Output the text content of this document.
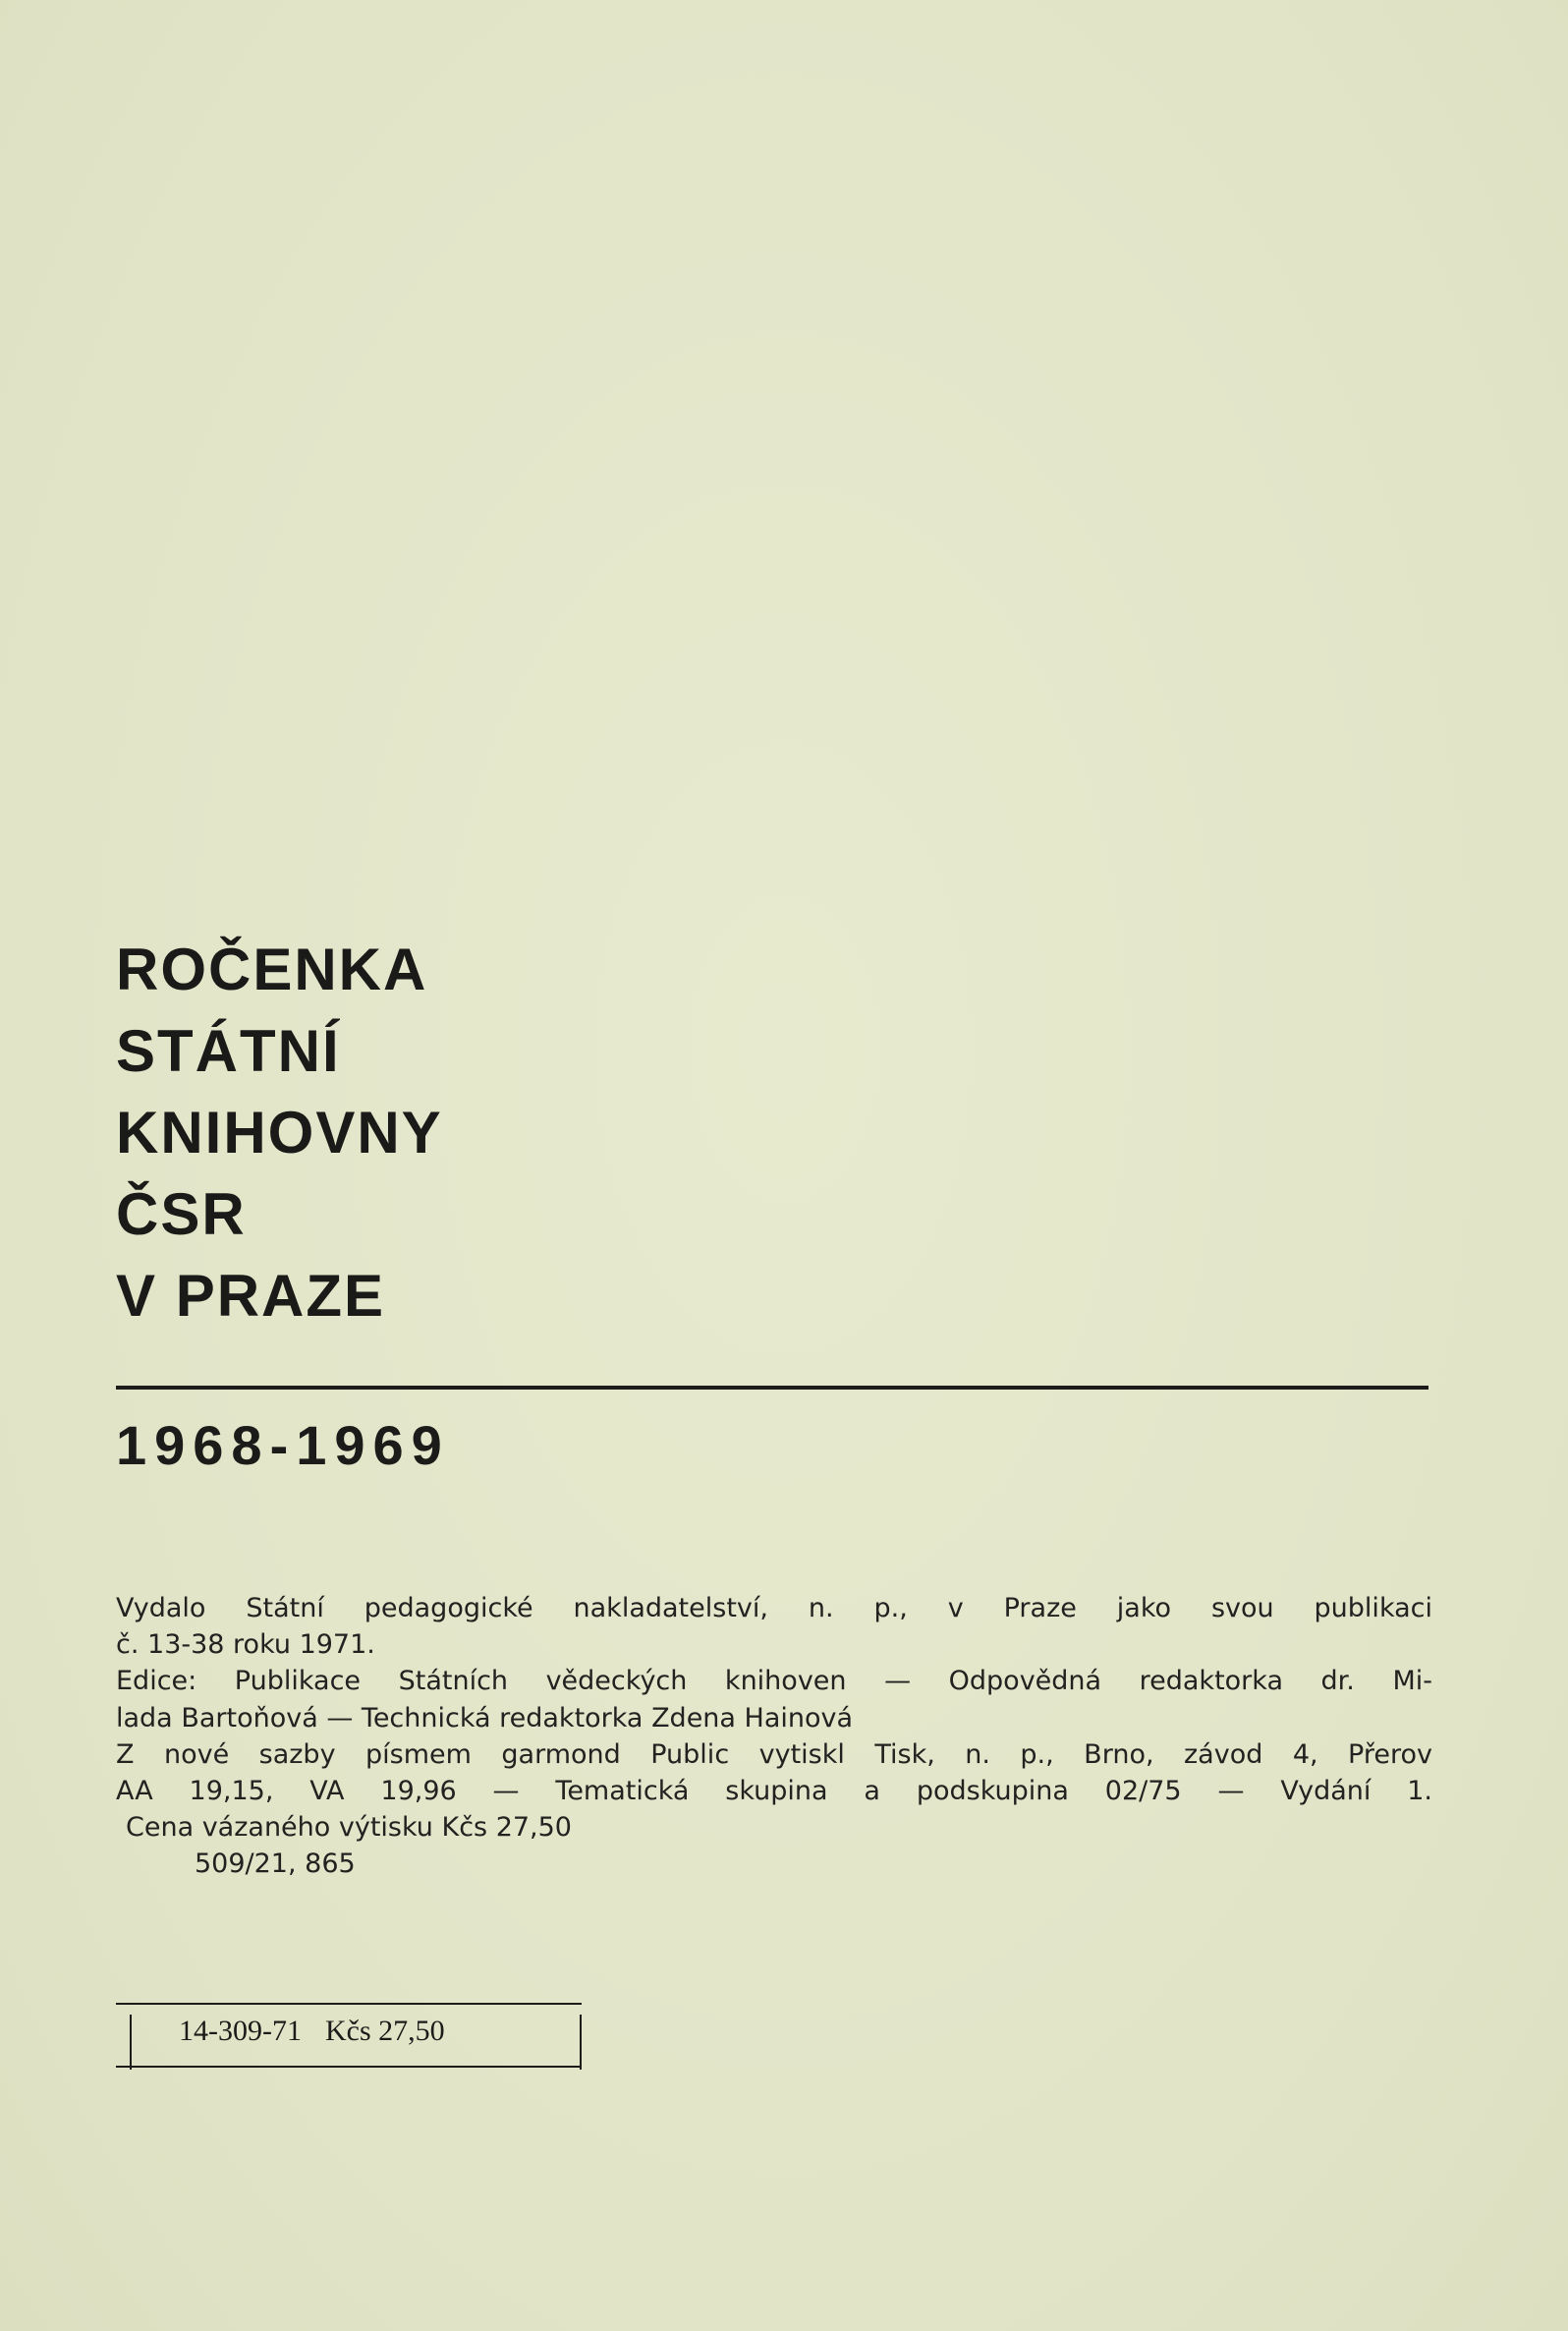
ROČENKA
STÁTNÍ
KNIHOVNY
ČSR
V PRAZE
1968-1969
Vydalo Státní pedagogické nakladatelství, n. p., v Praze jako svou publikaci
č. 13-38 roku 1971.
Edice: Publikace Státních vědeckých knihoven — Odpovědná redaktorka dr. Mi-
lada Bartoňová — Technická redaktorka Zdena Hainová
Z nové sazby písmem garmond Public vytiskl Tisk, n. p., Brno, závod 4, Přerov
AA 19,15, VA 19,96 — Tematická skupina a podskupina 02/75 — Vydání 1.
Cena vázaného výtisku Kčs 27,50
509/21, 865
14-309-71 Kčs 27,50
